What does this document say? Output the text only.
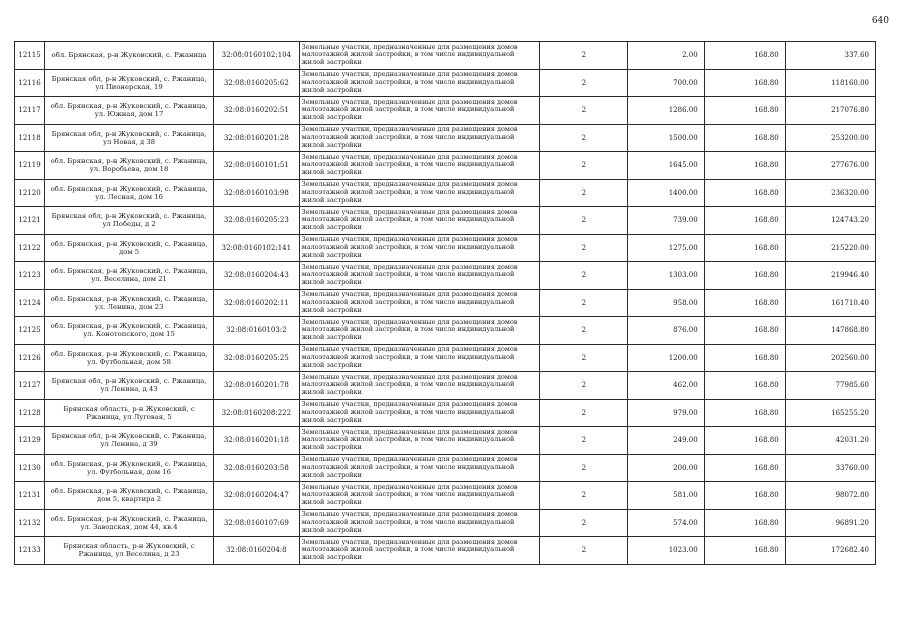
640
12115	обл. Брянская, р-н Жуковский, с. Ржаница	32:08:0160102:104	Земельные участки, предназначенные для размещения домов малоэтажной жилой застройки, в том числе индивидуальной жилой застройки	2	2.00	168.80	337.60
12116	Брянская обл, р-н Жуковский, с. Ржаница, ул Пионерская, 19	32:08:0160205:62	Земельные участки, предназначенные для размещения домов малоэтажной жилой застройки, в том числе индивидуальной жилой застройки	2	700.00	168.80	118160.00
12117	обл. Брянская, р-н Жуковский, с. Ржаница, ул. Южная, дом 17	32:08:0160202:51	Земельные участки, предназначенные для размещения домов малоэтажной жилой застройки, в том числе индивидуальной жилой застройки	2	1286.00	168.80	217076.80
12118	Брянская обл, р-н Жуковский, с. Ржаница, ул Новая, д 38	32:08:0160201:28	Земельные участки, предназначенные для размещения домов малоэтажной жилой застройки, в том числе индивидуальной жилой застройки	2	1500.00	168.80	253200.00
12119	обл. Брянская, р-н Жуковский, с. Ржаница, ул. Воробьева, дом 18	32:08:0160101:51	Земельные участки, предназначенные для размещения домов малоэтажной жилой застройки, в том числе индивидуальной жилой застройки	2	1645.00	168.80	277676.00
12120	обл. Брянская, р-н Жуковский, с. Ржаница, ул. Лесная, дом 16	32:08:0160103:98	Земельные участки, предназначенные для размещения домов малоэтажной жилой застройки, в том числе индивидуальной жилой застройки	2	1400.00	168.80	236320.00
12121	Брянская обл, р-н Жуковский, с. Ржаница, ул Победы, д 2	32:08:0160205:23	Земельные участки, предназначенные для размещения домов малоэтажной жилой застройки, в том числе индивидуальной жилой застройки	2	739.00	168.80	124743.20
12122	обл. Брянская, р-н Жуковский, с. Ржаница, дом 5	32:08:0160102:141	Земельные участки, предназначенные для размещения домов малоэтажной жилой застройки, в том числе индивидуальной жилой застройки	2	1275.00	168.80	215220.00
12123	обл. Брянская, р-н Жуковский, с. Ржаница, ул. Веселина, дом 21	32:08:0160204:43	Земельные участки, предназначенные для размещения домов малоэтажной жилой застройки, в том числе индивидуальной жилой застройки	2	1303.00	168.80	219946.40
12124	обл. Брянская, р-н Жуковский, с. Ржаница, ул. Ленина, дом 23	32:08:0160202:11	Земельные участки, предназначенные для размещения домов малоэтажной жилой застройки, в том числе индивидуальной жилой застройки	2	958.00	168.80	161710.40
12125	обл. Брянская, р-н Жуковский, с. Ржаница, ул. Конотопского, дом 15	32:08:0160103:2	Земельные участки, предназначенные для размещения домов малоэтажной жилой застройки, в том числе индивидуальной жилой застройки	2	876.00	168.80	147868.80
12126	обл. Брянская, р-н Жуковский, с. Ржаница, ул. Футбольная, дом 58	32:08:0160205:25	Земельные участки, предназначенные для размещения домов малоэтажной жилой застройки, в том числе индивидуальной жилой застройки	2	1200.00	168.80	202560.00
12127	Брянская обл, р-н Жуковский, с. Ржаница, ул Ленина, д 43	32:08:0160201:78	Земельные участки, предназначенные для размещения домов малоэтажной жилой застройки, в том числе индивидуальной жилой застройки	2	462.00	168.80	77985.60
12128	Брянская область, р-н Жуковский, с Ржаница, ул Луговая, 5	32:08:0160208:222	Земельные участки, предназначенные для размещения домов малоэтажной жилой застройки, в том числе индивидуальной жилой застройки	2	979.00	168.80	165255.20
12129	Брянская обл, р-н Жуковский, с. Ржаница, ул Ленина, д 39	32:08:0160201:18	Земельные участки, предназначенные для размещения домов малоэтажной жилой застройки, в том числе индивидуальной жилой застройки	2	249.00	168.80	42031.20
12130	обл. Брянская, р-н Жуковский, с. Ржаница, ул. Футбольная, дом 16	32:08:0160203:58	Земельные участки, предназначенные для размещения домов малоэтажной жилой застройки, в том числе индивидуальной жилой застройки	2	200.00	168.80	33760.00
12131	обл. Брянская, р-н Жуковский, с. Ржаница, дом 5, квартира 2	32:08:0160204:47	Земельные участки, предназначенные для размещения домов малоэтажной жилой застройки, в том числе индивидуальной жилой застройки	2	581.00	168.80	98072.80
12132	обл. Брянская, р-н Жуковский, с. Ржаница, ул. Заводская, дом 44, кв.4	32:08:0160107:69	Земельные участки, предназначенные для размещения домов малоэтажной жилой застройки, в том числе индивидуальной жилой застройки	2	574.00	168.80	96891.20
12133	Брянская область, р-н Жуковский, с Ржаница, ул Веселина, д 23	32:08:0160204:8	Земельные участки, предназначенные для размещения домов малоэтажной жилой застройки, в том числе индивидуальной жилой застройки	2	1023.00	168.80	172682.40
